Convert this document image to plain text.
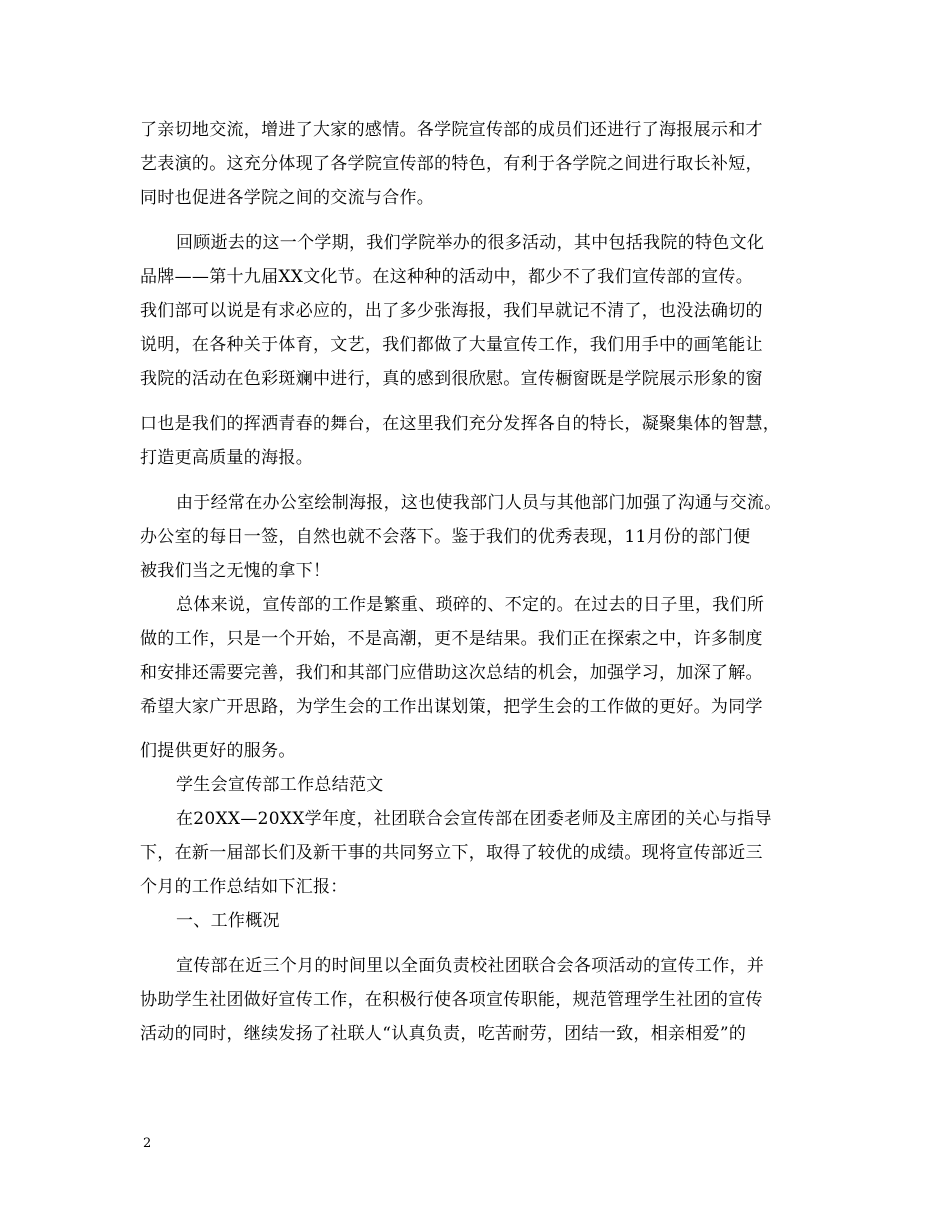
了亲切地交流，增进了大家的感情。各学院宣传部的成员们还进行了海报展示和才
艺表演的。这充分体现了各学院宣传部的特色，有利于各学院之间进行取长补短，
同时也促进各学院之间的交流与合作。
回顾逝去的这一个学期，我们学院举办的很多活动，其中包括我院的特色文化
品牌——第十九届XX文化节。在这种种的活动中，都少不了我们宣传部的宣传。
我们部可以说是有求必应的，出了多少张海报，我们早就记不清了，也没法确切的
说明，在各种关于体育，文艺，我们都做了大量宣传工作，我们用手中的画笔能让
我院的活动在色彩斑斓中进行，真的感到很欣慰。宣传橱窗既是学院展示形象的窗
口也是我们的挥洒青春的舞台，在这里我们充分发挥各自的特长，凝聚集体的智慧，
打造更高质量的海报。
由于经常在办公室绘制海报，这也使我部门人员与其他部门加强了沟通与交流。
办公室的每日一签，自然也就不会落下。鉴于我们的优秀表现，11月份的部门便
被我们当之无愧的拿下！
总体来说，宣传部的工作是繁重、琐碎的、不定的。在过去的日子里，我们所
做的工作，只是一个开始，不是高潮，更不是结果。我们正在探索之中，许多制度
和安排还需要完善，我们和其部门应借助这次总结的机会，加强学习，加深了解。
希望大家广开思路，为学生会的工作出谋划策，把学生会的工作做的更好。为同学
们提供更好的服务。
学生会宣传部工作总结范文
在20XX—20XX学年度，社团联合会宣传部在团委老师及主席团的关心与指导
下，在新一届部长们及新干事的共同努立下，取得了较优的成绩。现将宣传部近三
个月的工作总结如下汇报：
一、工作概况
宣传部在近三个月的时间里以全面负责校社团联合会各项活动的宣传工作，并
协助学生社团做好宣传工作，在积极行使各项宣传职能，规范管理学生社团的宣传
活动的同时，继续发扬了社联人“认真负责，吃苦耐劳，团结一致，相亲相爱”的
2
